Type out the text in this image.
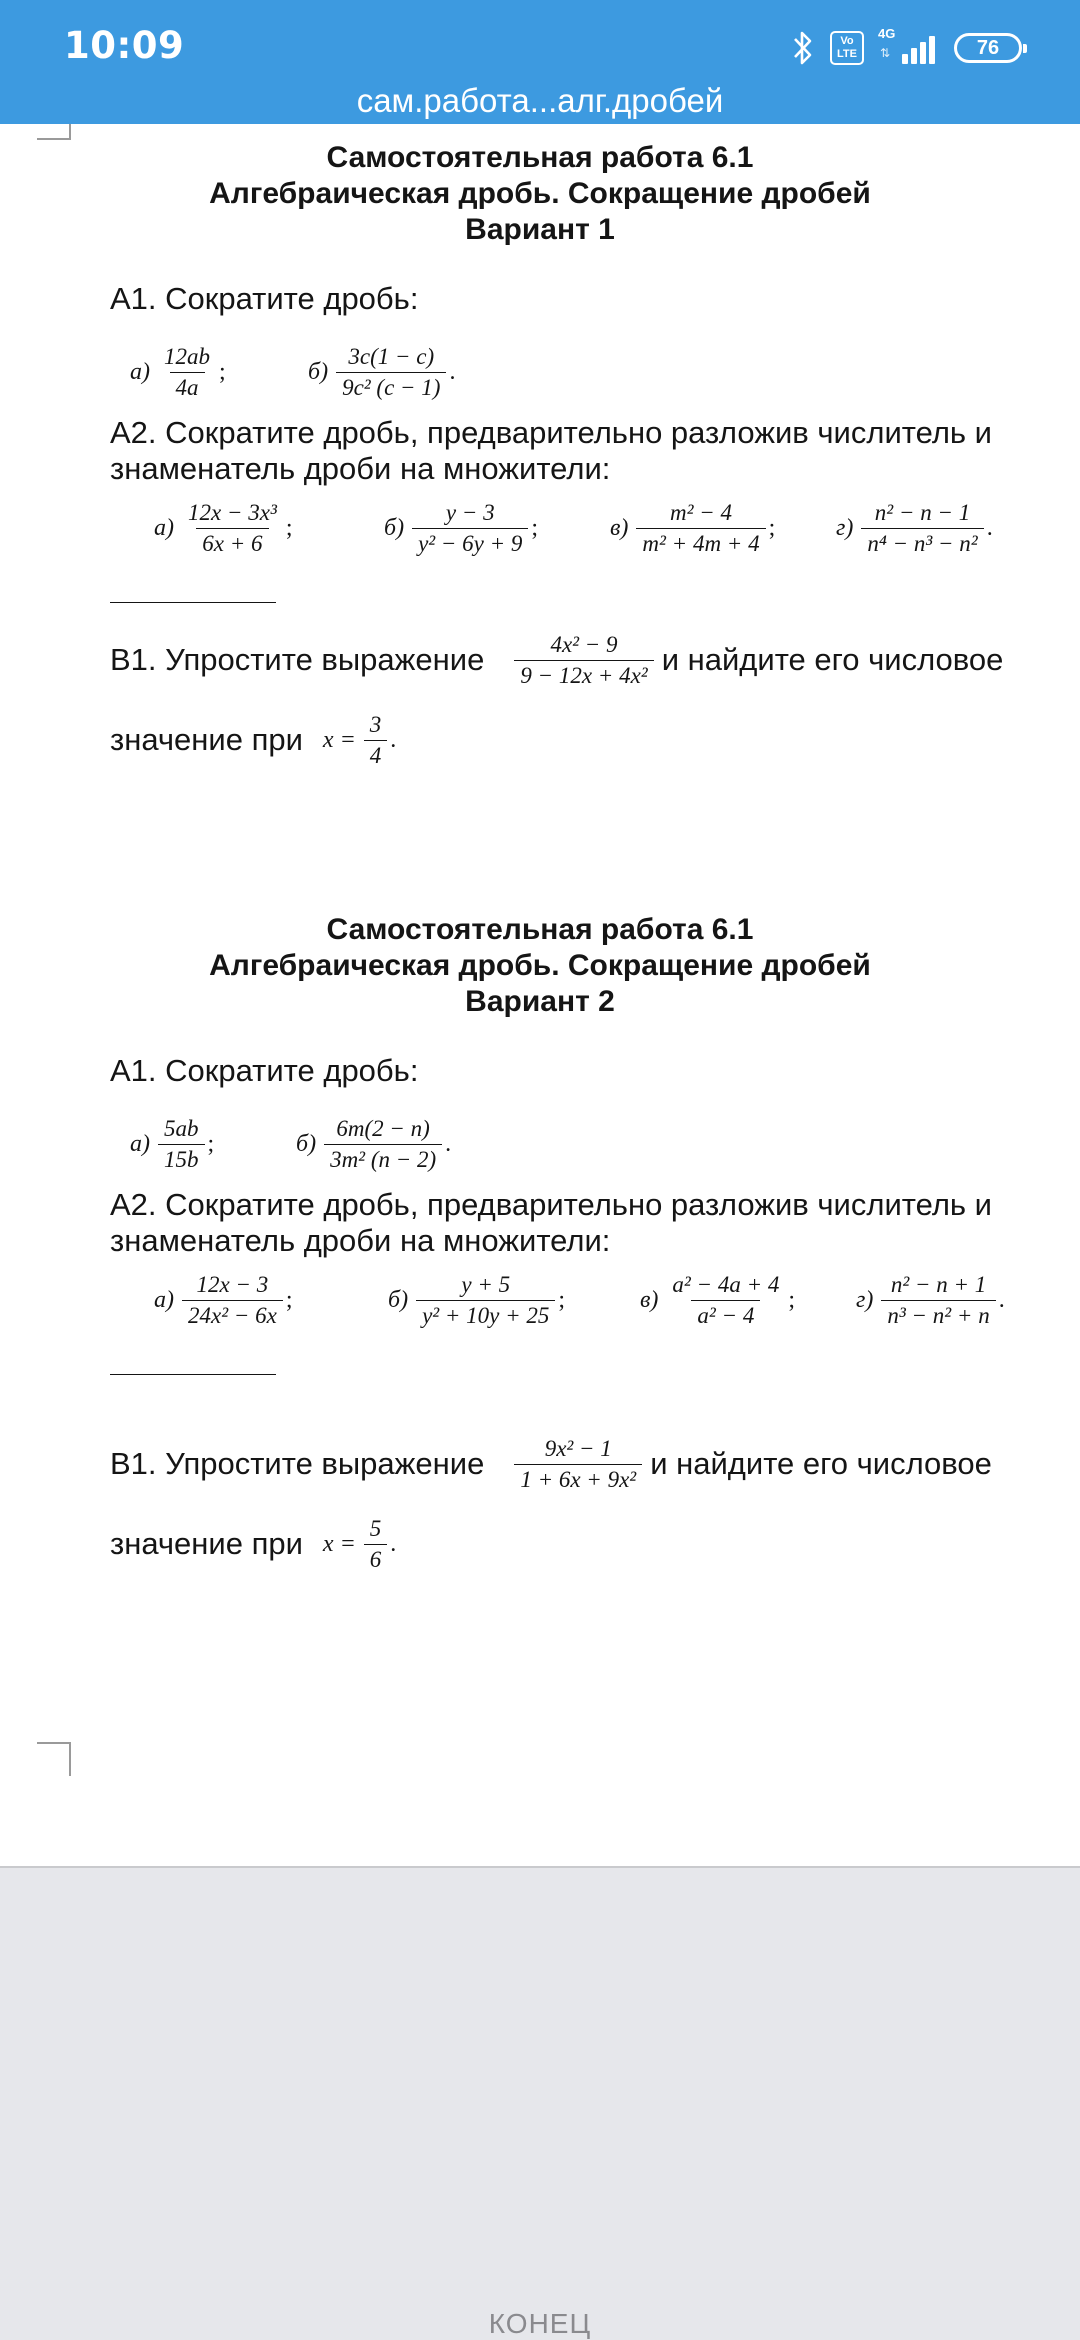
10:09	Vo LTE
4G
⇅	76
сам.работа...алг.дробей
Самостоятельная работа 6.1
Алгебраическая дробь. Сокращение дробей
Вариант 1
А1. Сократите дробь:
$а) \frac{12ab}{4a}$ ;	$б) \frac{3c(1 - c)}{\text{9c² (c − 1)}}$ .
А2. Сократите дробь, предварительно разложив числитель и знаменатель дроби на множители:
$а) \frac{\text{12x − 3x³}}{6x + 6}$ ;	$б) \frac{y - 3}{\text{y² − 6y + 9}}$ ;	$в) \frac{\text{m² − 4}}{\text{m² + 4m + 4}}$ ;	$г) \frac{\text{n² − n − 1}}{\text{n⁴ − n³ − n²}}$ .
В1. Упростите выражение $\frac{\text{4x² − 9}}{\text{9 − 12x + 4x²}}$ и найдите его числовое
значение при $x = \frac{3}{4}$ .
Самостоятельная работа 6.1
Алгебраическая дробь. Сокращение дробей
Вариант 2
А1. Сократите дробь:
$а) \frac{5ab}{15b}$ ;	$б) \frac{6m(2 - n)}{\text{3m² (n − 2)}}$ .
А2. Сократите дробь, предварительно разложив числитель и знаменатель дроби на множители:
$а) \frac{12x - 3}{\text{24x² − 6x}}$ ;	$б) \frac{y + 5}{\text{y² + 10y + 25}}$ ;	$в) \frac{\text{a² − 4a + 4}}{\text{a² − 4}}$ ;	$г) \frac{\text{n² − n + 1}}{\text{n³ − n² + n}}$ .
В1. Упростите выражение $\frac{\text{9x² − 1}}{\text{1 + 6x + 9x²}}$ и найдите его числовое
значение при $x = \frac{5}{6}$ .
КОНЕЦ
